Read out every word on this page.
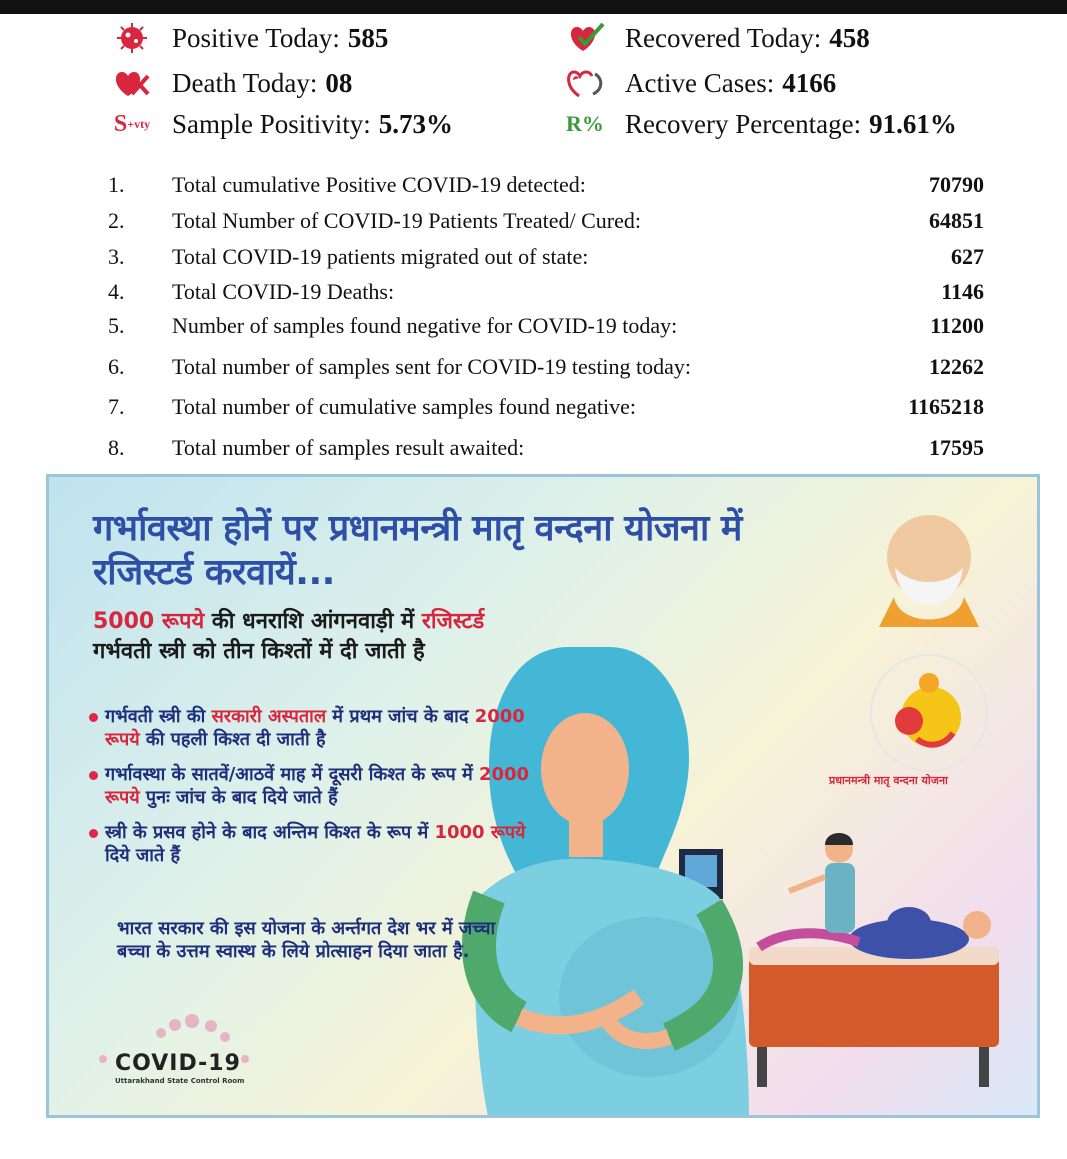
Positive Today: 585	Recovered Today: 458
Death Today: 08	Active Cases: 4166
S +vty Sample Positivity: 5.73%	R% Recovery Percentage: 91.61%
1. Total cumulative Positive COVID-19 detected:	70790
2. Total Number of COVID-19 Patients Treated/ Cured:	64851
3. Total COVID-19 patients migrated out of state:	627
4. Total COVID-19 Deaths:	1146
5. Number of samples found negative for COVID-19 today:	11200
6. Total number of samples sent for COVID-19 testing today:	12262
7. Total number of cumulative samples found negative:	1165218
8. Total number of samples result awaited:	17595
गर्भावस्था होनें पर प्रधानमन्त्री मातृ वन्दना योजना में
रजिस्टर्ड करवायें...
5000 रूपये की धनराशि आंगनवाड़ी में रजिस्टर्ड
गर्भवती स्त्री को तीन किश्तों में दी जाती है
गर्भवती स्त्री की सरकारी अस्पताल में प्रथम जांच के बाद 2000 रूपये की पहली किश्त दी जाती है
गर्भावस्था के सातवें/आठवें माह में दूसरी किश्त के रूप में 2000 रूपये पुनः जांच के बाद दिये जाते हैं
स्त्री के प्रसव होने के बाद अन्तिम किश्त के रूप में 1000 रूपये दिये जाते हैं
भारत सरकार की इस योजना के अर्न्तगत देश भर में जच्चा बच्चा के उत्तम स्वास्थ के लिये प्रोत्साहन दिया जाता है.
प्रधानमन्त्री मातृ वन्दना योजना
COVID-19
Uttarakhand State Control Room
